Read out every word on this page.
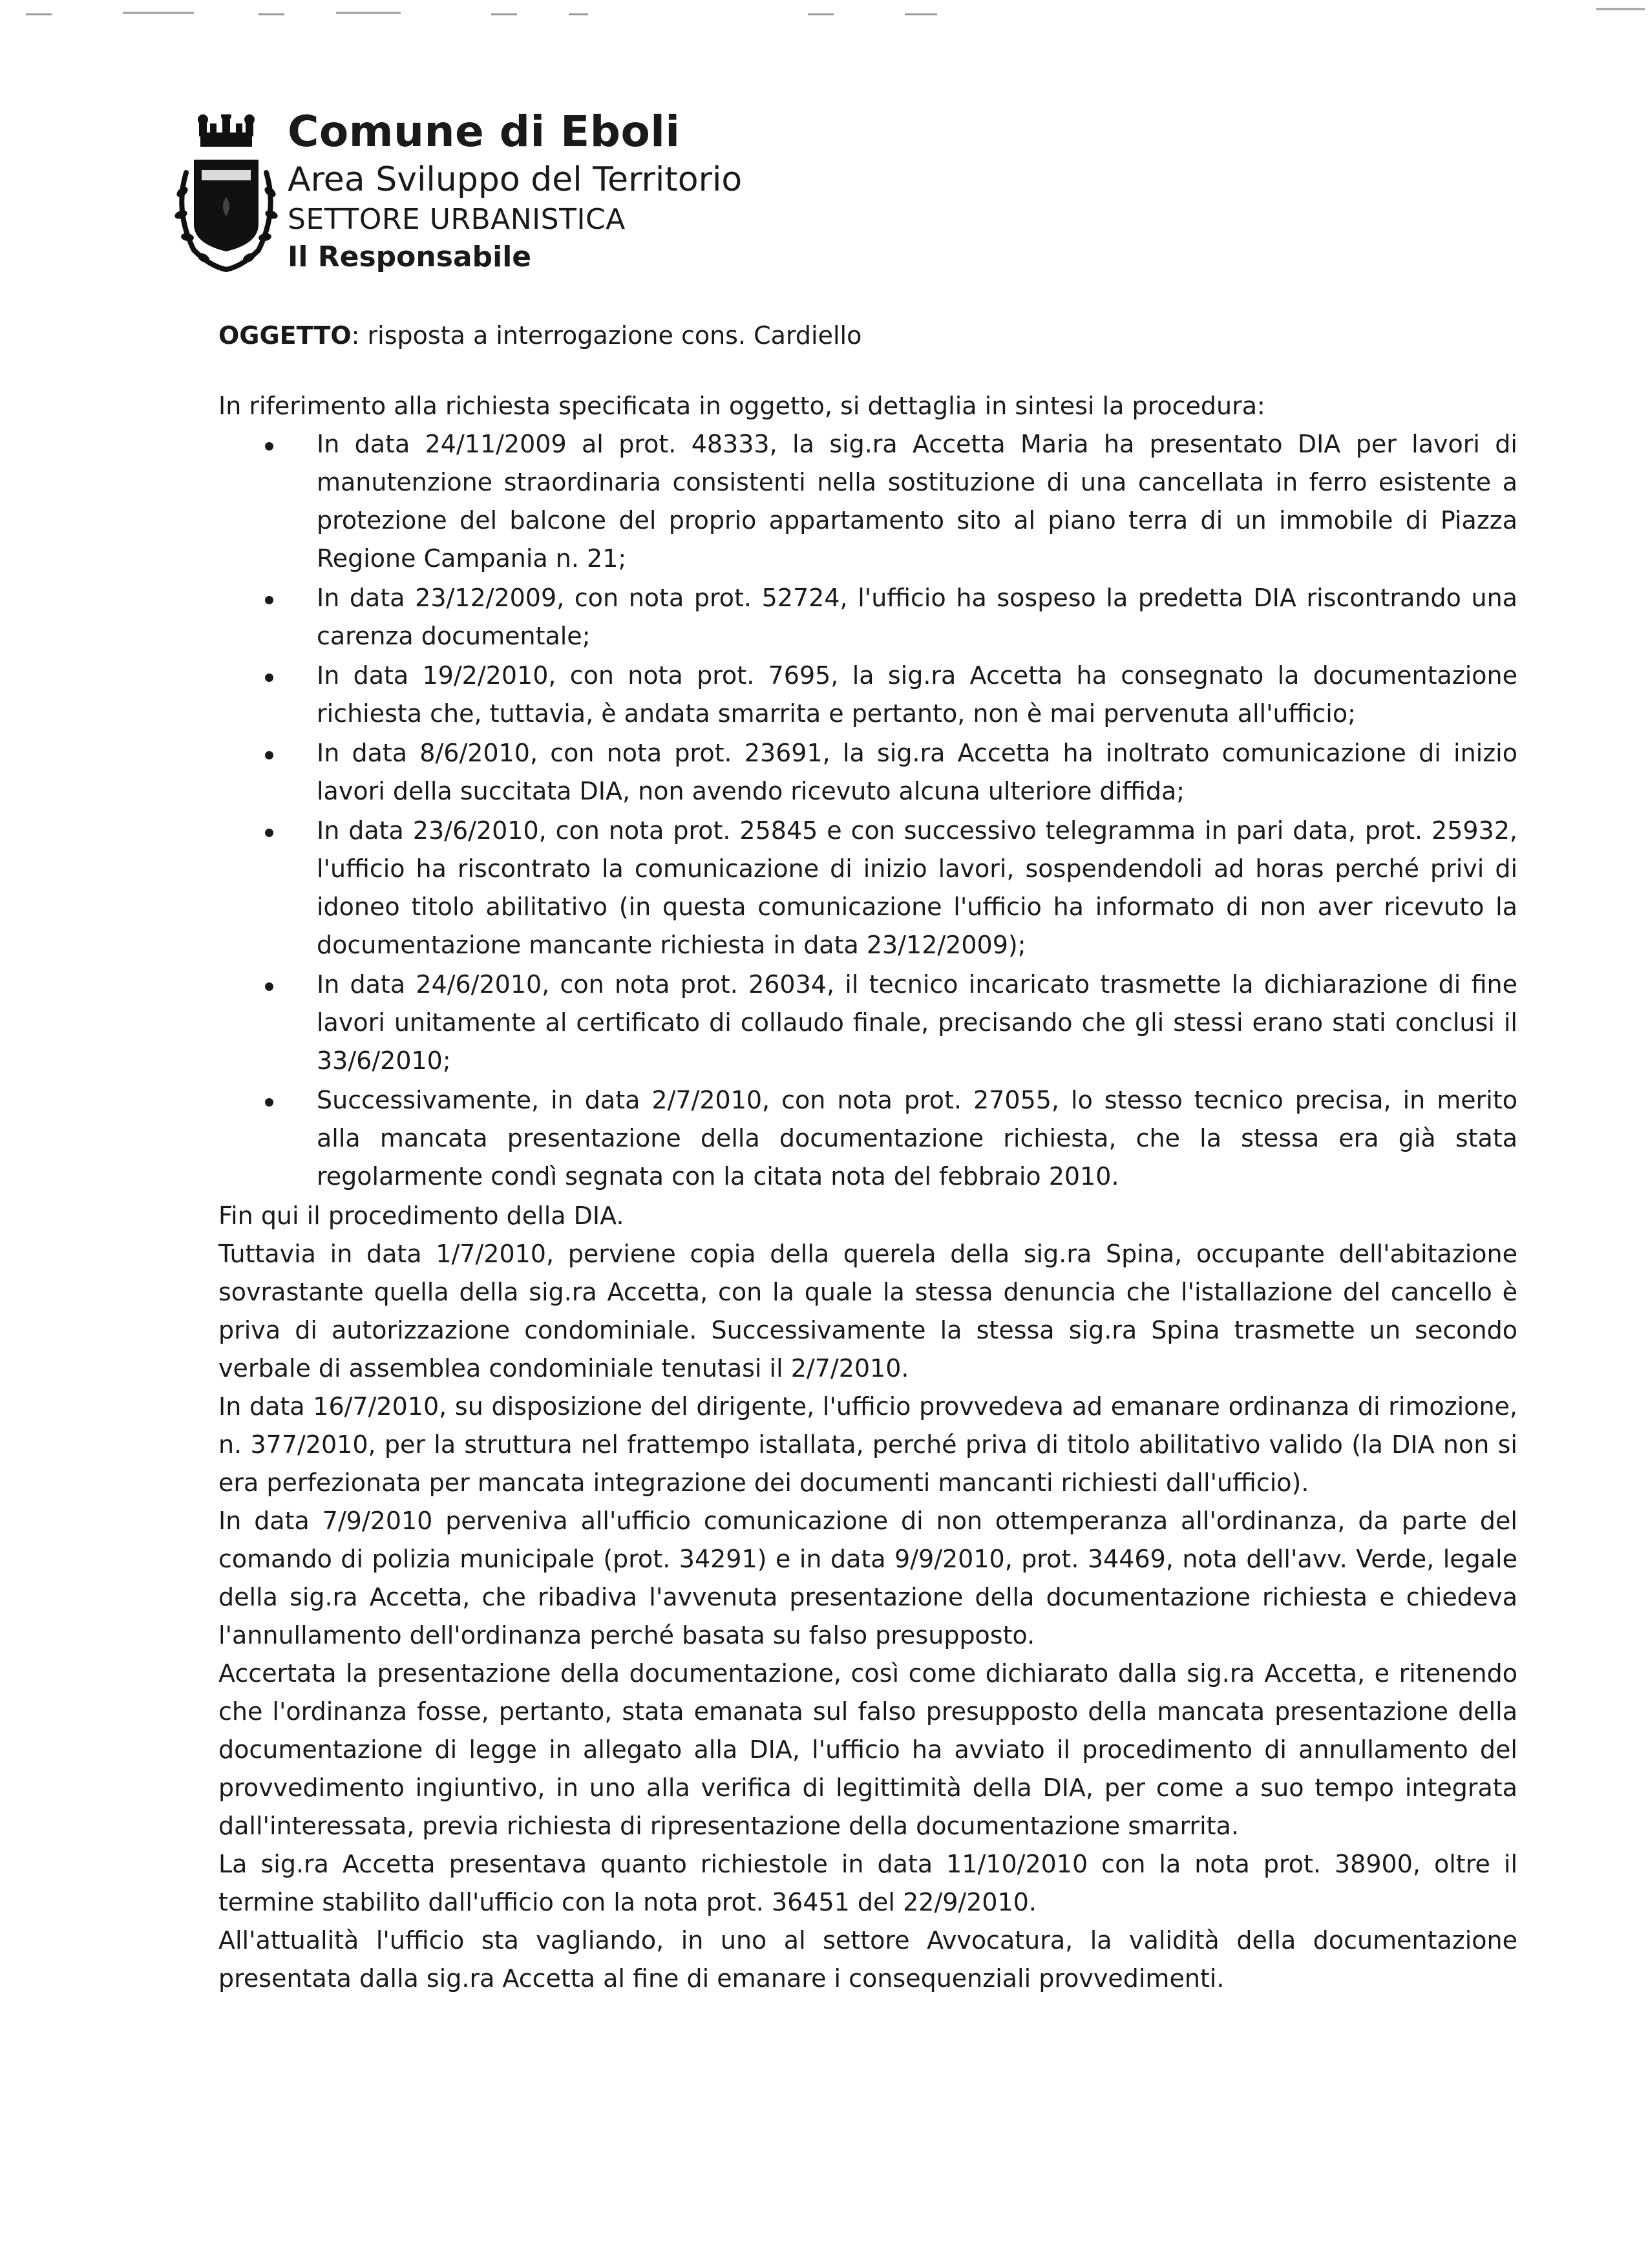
Comune di Eboli
Area Sviluppo del Territorio
SETTORE URBANISTICA
Il Responsabile

OGGETTO: risposta a interrogazione cons. Cardiello

In riferimento alla richiesta specificata in oggetto, si dettaglia in sintesi la procedura:

In data 24/11/2009 al prot. 48333, la sig.ra Accetta Maria ha presentato DIA per lavori di manutenzione straordinaria consistenti nella sostituzione di una cancellata in ferro esistente a protezione del balcone del proprio appartamento sito al piano terra di un immobile di Piazza Regione Campania n. 21;
In data 23/12/2009, con nota prot. 52724, l'ufficio ha sospeso la predetta DIA riscontrando una carenza documentale;
In data 19/2/2010, con nota prot. 7695, la sig.ra Accetta ha consegnato la documentazione richiesta che, tuttavia, è andata smarrita e pertanto, non è mai pervenuta all'ufficio;
In data 8/6/2010, con nota prot. 23691, la sig.ra Accetta ha inoltrato comunicazione di inizio lavori della succitata DIA, non avendo ricevuto alcuna ulteriore diffida;
In data 23/6/2010, con nota prot. 25845 e con successivo telegramma in pari data, prot. 25932, l'ufficio ha riscontrato la comunicazione di inizio lavori, sospendendoli ad horas perché privi di idoneo titolo abilitativo (in questa comunicazione l'ufficio ha informato di non aver ricevuto la documentazione mancante richiesta in data 23/12/2009);
In data 24/6/2010, con nota prot. 26034, il tecnico incaricato trasmette la dichiarazione di fine lavori unitamente al certificato di collaudo finale, precisando che gli stessi erano stati conclusi il 33/6/2010;
Successivamente, in data 2/7/2010, con nota prot. 27055, lo stesso tecnico precisa, in merito alla mancata presentazione della documentazione richiesta, che la stessa era già stata regolarmente condì segnata con la citata nota del febbraio 2010.

Fin qui il procedimento della DIA.

Tuttavia in data 1/7/2010, perviene copia della querela della sig.ra Spina, occupante dell'abitazione sovrastante quella della sig.ra Accetta, con la quale la stessa denuncia che l'istallazione del cancello è priva di autorizzazione condominiale. Successivamente la stessa sig.ra Spina trasmette un secondo verbale di assemblea condominiale tenutasi il 2/7/2010.

In data 16/7/2010, su disposizione del dirigente, l'ufficio provvedeva ad emanare ordinanza di rimozione, n. 377/2010, per la struttura nel frattempo istallata, perché priva di titolo abilitativo valido (la DIA non si era perfezionata per mancata integrazione dei documenti mancanti richiesti dall'ufficio).

In data 7/9/2010 perveniva all'ufficio comunicazione di non ottemperanza all'ordinanza, da parte del comando di polizia municipale (prot. 34291) e in data 9/9/2010, prot. 34469, nota dell'avv. Verde, legale della sig.ra Accetta, che ribadiva l'avvenuta presentazione della documentazione richiesta e chiedeva l'annullamento dell'ordinanza perché basata su falso presupposto.

Accertata la presentazione della documentazione, così come dichiarato dalla sig.ra Accetta, e ritenendo che l'ordinanza fosse, pertanto, stata emanata sul falso presupposto della mancata presentazione della documentazione di legge in allegato alla DIA, l'ufficio ha avviato il procedimento di annullamento del provvedimento ingiuntivo, in uno alla verifica di legittimità della DIA, per come a suo tempo integrata dall'interessata, previa richiesta di ripresentazione della documentazione smarrita.

La sig.ra Accetta presentava quanto richiestole in data 11/10/2010 con la nota prot. 38900, oltre il termine stabilito dall'ufficio con la nota prot. 36451 del 22/9/2010.

All'attualità l'ufficio sta vagliando, in uno al settore Avvocatura, la validità della documentazione presentata dalla sig.ra Accetta al fine di emanare i consequenziali provvedimenti.
